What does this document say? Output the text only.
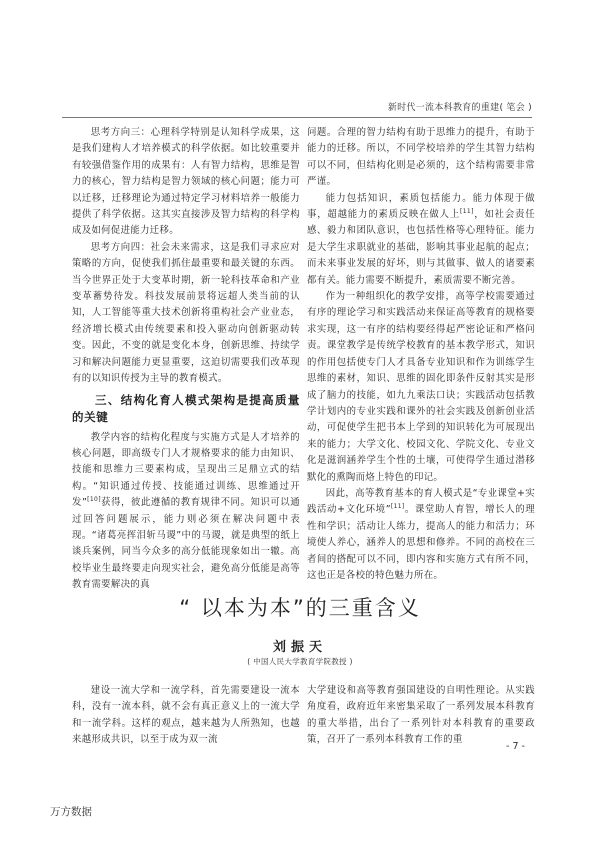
新时代一流本科教育的重建( 笔会 )

思考方向三：心理科学特别是认知科学成果，这是我们建构人才培养模式的科学依据。如比较重要并有较强借鉴作用的成果有：人有智力结构，思维是智力的核心，智力结构是智力领域的核心问题；能力可以迁移，迁移理论为通过特定学习材料培养一般能力提供了科学依据。这其实直接涉及智力结构的科学构成及如何促进能力迁移。

思考方向四：社会未来需求，这是我们寻求应对策略的方向，促使我们抓住最重要和最关键的东西。当今世界正处于大变革时期，新一轮科技革命和产业变革蓄势待发。科技发展前景将远超人类当前的认知，人工智能等重大技术创新将重构社会产业业态，经济增长模式由传统要素和投入驱动向创新驱动转变。因此，不变的就是变化本身，创新思维、持续学习和解决问题能力更显重要，这迫切需要我们改革现有的以知识传授为主导的教育模式。

三、结构化育人模式架构是提高质量的关键

教学内容的结构化程度与实施方式是人才培养的核心问题，即高级专门人才规格要求的能力由知识、技能和思维力三要素构成，呈现出三足鼎立式的结构。“知识通过传授、技能通过训练、思维通过开发”[10]获得，彼此遵循的教育规律不同。知识可以通过回答问题展示，能力则必须在解决问题中表现。“诸葛亮挥泪斩马谡”中的马谡，就是典型的纸上谈兵案例，同当今众多的高分低能现象如出一辙。高校毕业生最终要走向现实社会，避免高分低能是高等教育需要解决的真

问题。合理的智力结构有助于思维力的提升，有助于能力的迁移。所以，不同学校培养的学生其智力结构可以不同，但结构化则是必须的，这个结构需要非常严谨。

能力包括知识，素质包括能力。能力体现于做事，超越能力的素质反映在做人上[11]，如社会责任感、毅力和团队意识，也包括性格等心理特征。能力是大学生求职就业的基础，影响其事业起航的起点；而未来事业发展的好坏，则与其做事、做人的诸要素都有关。能力需要不断提升，素质需要不断完善。

作为一种组织化的教学安排，高等学校需要通过有序的理论学习和实践活动来保证高等教育的规格要求实现，这一有序的结构要经得起严密论证和严格问责。课堂教学是传统学校教育的基本教学形式，知识的作用包括使专门人才具备专业知识和作为训练学生思维的素材，知识、思维的固化即条件反射其实是形成了脑力的技能，如九九乘法口诀；实践活动包括教学计划内的专业实践和课外的社会实践及创新创业活动，可促使学生把书本上学到的知识转化为可展现出来的能力；大学文化、校园文化、学院文化、专业文化是滋润涵养学生个性的土壤，可使得学生通过潜移默化的熏陶而烙上特色的印记。

因此，高等教育基本的育人模式是“专业课堂+实践活动+文化环境”[11]。课堂助人育智，增长人的理性和学识；活动让人练力，提高人的能力和活力；环境使人养心，涵养人的思想和修养。不同的高校在三者间的搭配可以不同，即内容和实施方式有所不同，这也正是各校的特色魅力所在。

“ 以本为本”的三重含义
刘振天
( 中国人民大学教育学院教授 )

建设一流大学和一流学科，首先需要建设一流本科，没有一流本科，就不会有真正意义上的一流大学和一流学科。这样的观点，越来越为人所熟知，也越来越形成共识，以至于成为双一流

大学建设和高等教育强国建设的自明性理论。从实践角度看，政府近年来密集采取了一系列发展本科教育的重大举措，出台了一系列针对本科教育的重要政策，召开了一系列本科教育工作的重

- 7 -
万方数据
